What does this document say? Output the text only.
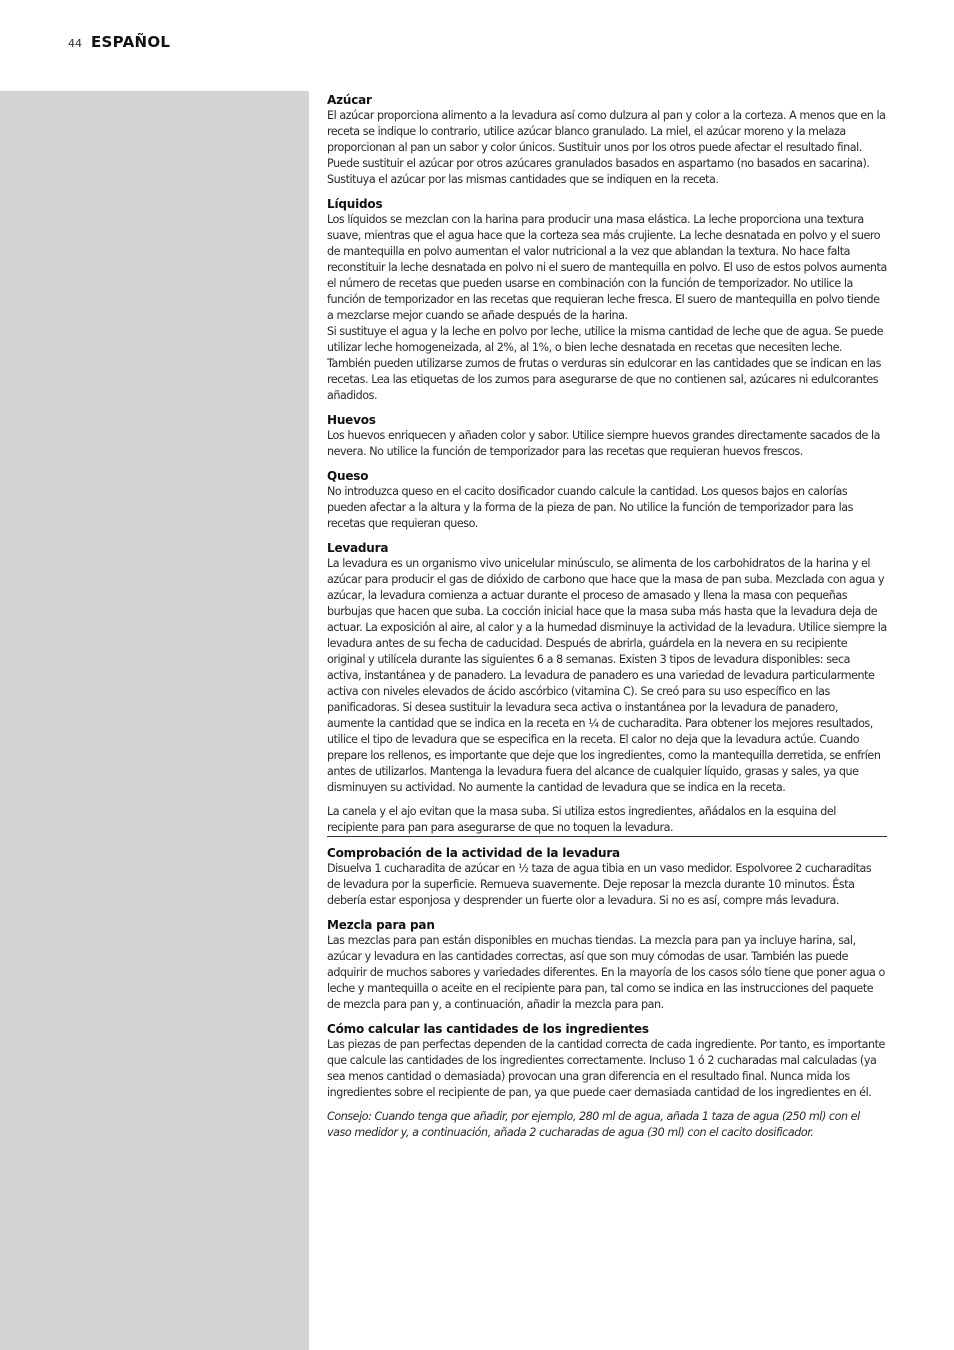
44 ESPAÑOL
Azúcar

El azúcar proporciona alimento a la levadura así como dulzura al pan y color a la corteza. A menos que en la receta se indique lo contrario, utilice azúcar blanco granulado. La miel, el azúcar moreno y la melaza proporcionan al pan un sabor y color únicos. Sustituir unos por los otros puede afectar el resultado final.

Puede sustituir el azúcar por otros azúcares granulados basados en aspartamo (no basados en sacarina). Sustituya el azúcar por las mismas cantidades que se indiquen en la receta.

Líquidos

Los líquidos se mezclan con la harina para producir una masa elástica. La leche proporciona una textura suave, mientras que el agua hace que la corteza sea más crujiente. La leche desnatada en polvo y el suero de mantequilla en polvo aumentan el valor nutricional a la vez que ablandan la textura. No hace falta reconstituir la leche desnatada en polvo ni el suero de mantequilla en polvo. El uso de estos polvos aumenta el número de recetas que pueden usarse en combinación con la función de temporizador. No utilice la función de temporizador en las recetas que requieran leche fresca. El suero de mantequilla en polvo tiende a mezclarse mejor cuando se añade después de la harina.

Si sustituye el agua y la leche en polvo por leche, utilice la misma cantidad de leche que de agua. Se puede utilizar leche homogeneizada, al 2%, al 1%, o bien leche desnatada en recetas que necesiten leche. También pueden utilizarse zumos de frutas o verduras sin edulcorar en las cantidades que se indican en las recetas. Lea las etiquetas de los zumos para asegurarse de que no contienen sal, azúcares ni edulcorantes añadidos.

Huevos

Los huevos enriquecen y añaden color y sabor. Utilice siempre huevos grandes directamente sacados de la nevera. No utilice la función de temporizador para las recetas que requieran huevos frescos.

Queso

No introduzca queso en el cacito dosificador cuando calcule la cantidad. Los quesos bajos en calorías pueden afectar a la altura y la forma de la pieza de pan. No utilice la función de temporizador para las recetas que requieran queso.

Levadura

La levadura es un organismo vivo unicelular minúsculo, se alimenta de los carbohidratos de la harina y el azúcar para producir el gas de dióxido de carbono que hace que la masa de pan suba. Mezclada con agua y azúcar, la levadura comienza a actuar durante el proceso de amasado y llena la masa con pequeñas burbujas que hacen que suba. La cocción inicial hace que la masa suba más hasta que la levadura deja de actuar. La exposición al aire, al calor y a la humedad disminuye la actividad de la levadura. Utilice siempre la levadura antes de su fecha de caducidad. Después de abrirla, guárdela en la nevera en su recipiente original y utilícela durante las siguientes 6 a 8 semanas. Existen 3 tipos de levadura disponibles: seca activa, instantánea y de panadero. La levadura de panadero es una variedad de levadura particularmente activa con niveles elevados de ácido ascórbico (vitamina C). Se creó para su uso específico en las panificadoras. Si desea sustituir la levadura seca activa o instantánea por la levadura de panadero, aumente la cantidad que se indica en la receta en ¼ de cucharadita. Para obtener los mejores resultados, utilice el tipo de levadura que se especifica en la receta. El calor no deja que la levadura actúe. Cuando prepare los rellenos, es importante que deje que los ingredientes, como la mantequilla derretida, se enfríen antes de utilizarlos. Mantenga la levadura fuera del alcance de cualquier líquido, grasas y sales, ya que disminuyen su actividad. No aumente la cantidad de levadura que se indica en la receta.

La canela y el ajo evitan que la masa suba. Si utiliza estos ingredientes, añádalos en la esquina del recipiente para pan para asegurarse de que no toquen la levadura.

Comprobación de la actividad de la levadura

Disuelva 1 cucharadita de azúcar en ½ taza de agua tibia en un vaso medidor. Espolvoree 2 cucharaditas de levadura por la superficie. Remueva suavemente. Deje reposar la mezcla durante 10 minutos. Ésta debería estar esponjosa y desprender un fuerte olor a levadura. Si no es así, compre más levadura.

Mezcla para pan

Las mezclas para pan están disponibles en muchas tiendas. La mezcla para pan ya incluye harina, sal, azúcar y levadura en las cantidades correctas, así que son muy cómodas de usar. También las puede adquirir de muchos sabores y variedades diferentes. En la mayoría de los casos sólo tiene que poner agua o leche y mantequilla o aceite en el recipiente para pan, tal como se indica en las instrucciones del paquete de mezcla para pan y, a continuación, añadir la mezcla para pan.

Cómo calcular las cantidades de los ingredientes

Las piezas de pan perfectas dependen de la cantidad correcta de cada ingrediente. Por tanto, es importante que calcule las cantidades de los ingredientes correctamente. Incluso 1 ó 2 cucharadas mal calculadas (ya sea menos cantidad o demasiada) provocan una gran diferencia en el resultado final. Nunca mida los ingredientes sobre el recipiente de pan, ya que puede caer demasiada cantidad de los ingredientes en él.

Consejo: Cuando tenga que añadir, por ejemplo, 280 ml de agua, añada 1 taza de agua (250 ml) con el vaso medidor y, a continuación, añada 2 cucharadas de agua (30 ml) con el cacito dosificador.
